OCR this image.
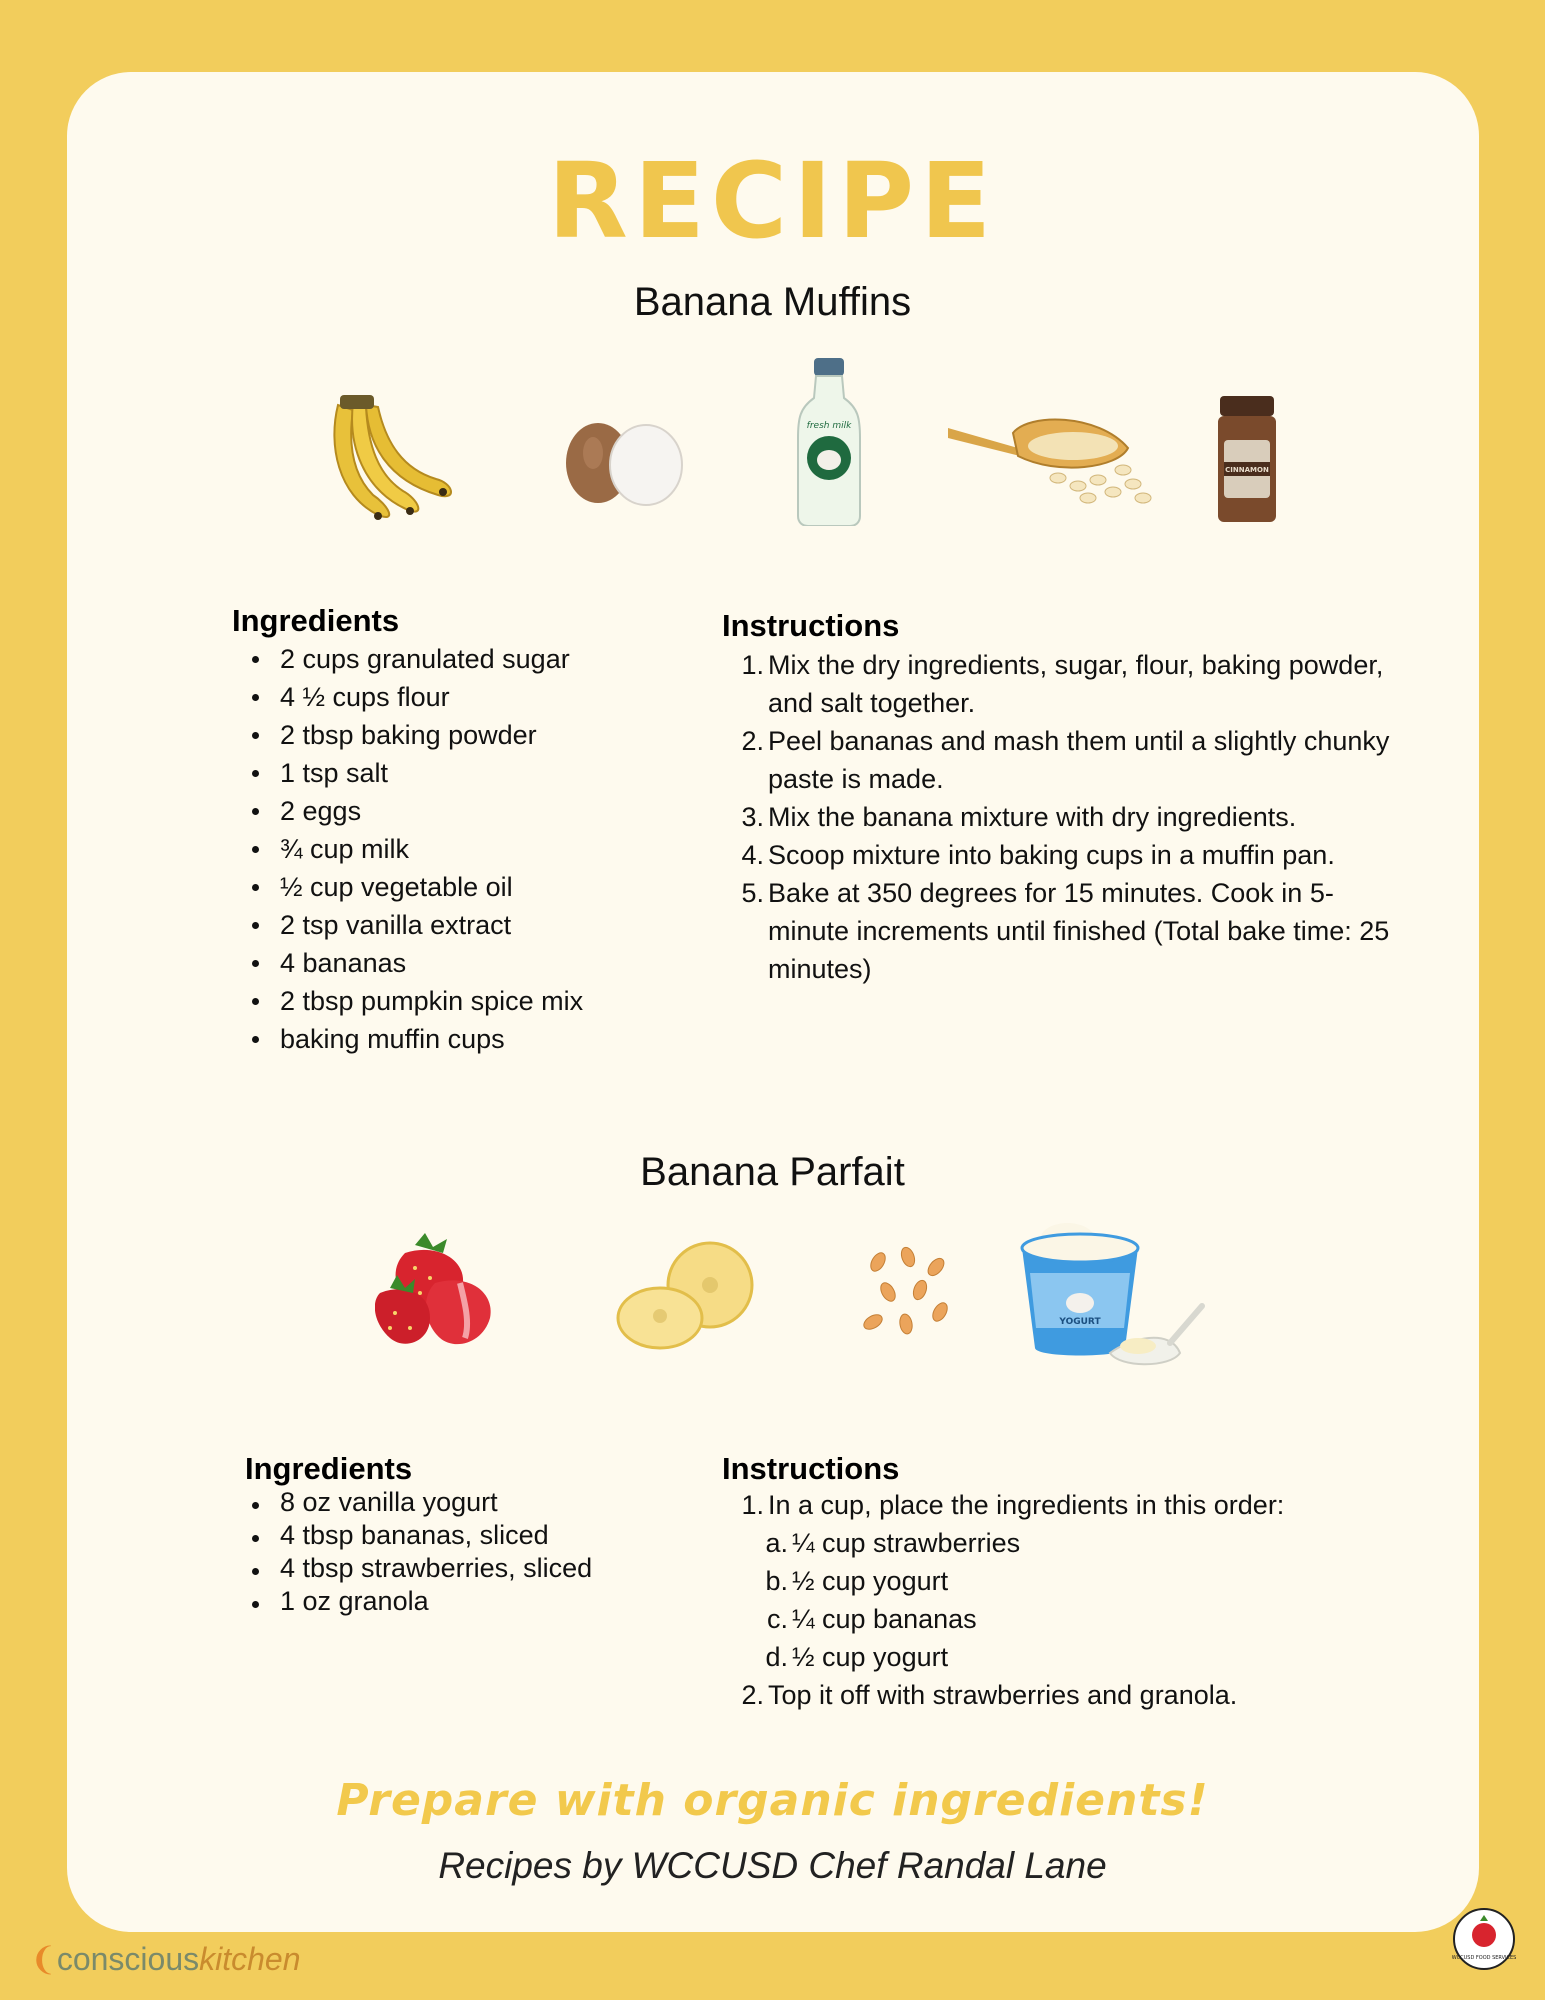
RECIPE
Banana Muffins
fresh milk
CINNAMON
Ingredients
2 cups granulated sugar
4 ½ cups flour
2 tbsp baking powder
1 tsp salt
2 eggs
¾ cup milk
½ cup vegetable oil
2 tsp vanilla extract
4 bananas
2 tbsp pumpkin spice mix
baking muffin cups
Instructions
1. Mix the dry ingredients, sugar, flour, baking powder, and salt together.
2. Peel bananas and mash them until a slightly chunky paste is made.
3. Mix the banana mixture with dry ingredients.
4. Scoop mixture into baking cups in a muffin pan.
5. Bake at 350 degrees for 15 minutes. Cook in 5-minute increments until finished (Total bake time: 25 minutes)
Banana Parfait
YOGURT
Ingredients
8 oz vanilla yogurt
4 tbsp bananas, sliced
4 tbsp strawberries, sliced
1 oz granola
Instructions
1. In a cup, place the ingredients in this order:
a. ¼ cup strawberries
b. ½ cup yogurt
c. ¼ cup bananas
d. ½ cup yogurt
2. Top it off with strawberries and granola.
Prepare with organic ingredients!
Recipes by WCCUSD Chef Randal Lane
❨consciouskitchen	WCCUSD FOOD SERVICES
